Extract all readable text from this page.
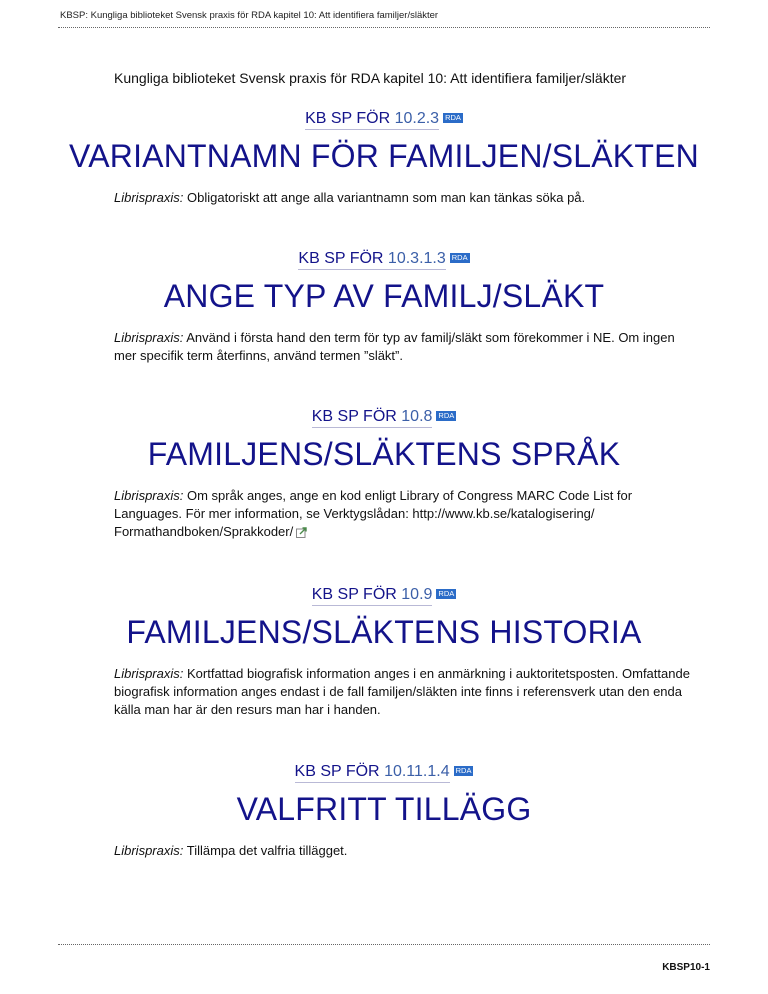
KBSP: Kungliga biblioteket Svensk praxis för RDA kapitel 10: Att identifiera familjer/släkter
Kungliga biblioteket Svensk praxis för RDA kapitel 10: Att identifiera familjer/släkter
KB SP FÖR 10.2.3 RDA
VARIANTNAMN FÖR FAMILJEN/SLÄKTEN
Librispraxis: Obligatoriskt att ange alla variantnamn som man kan tänkas söka på.
KB SP FÖR 10.3.1.3 RDA
ANGE TYP AV FAMILJ/SLÄKT
Librispraxis: Använd i första hand den term för typ av familj/släkt som förekommer i NE. Om ingen mer specifik term återfinns, använd termen ”släkt”.
KB SP FÖR 10.8 RDA
FAMILJENS/SLÄKTENS SPRÅK
Librispraxis: Om språk anges, ange en kod enligt Library of Congress MARC Code List for Languages. För mer information, se Verktygslådan: http://www.kb.se/katalogisering/ Formathandboken/Sprakkoder/
KB SP FÖR 10.9 RDA
FAMILJENS/SLÄKTENS HISTORIA
Librispraxis: Kortfattad biografisk information anges i en anmärkning i auktoritetsposten. Omfattande biografisk information anges endast i de fall familjen/släkten inte finns i referensverk utan den enda källa man har är den resurs man har i handen.
KB SP FÖR 10.11.1.4 RDA
VALFRITT TILLÄGG
Librispraxis: Tillämpa det valfria tillägget.
KBSP10-1
